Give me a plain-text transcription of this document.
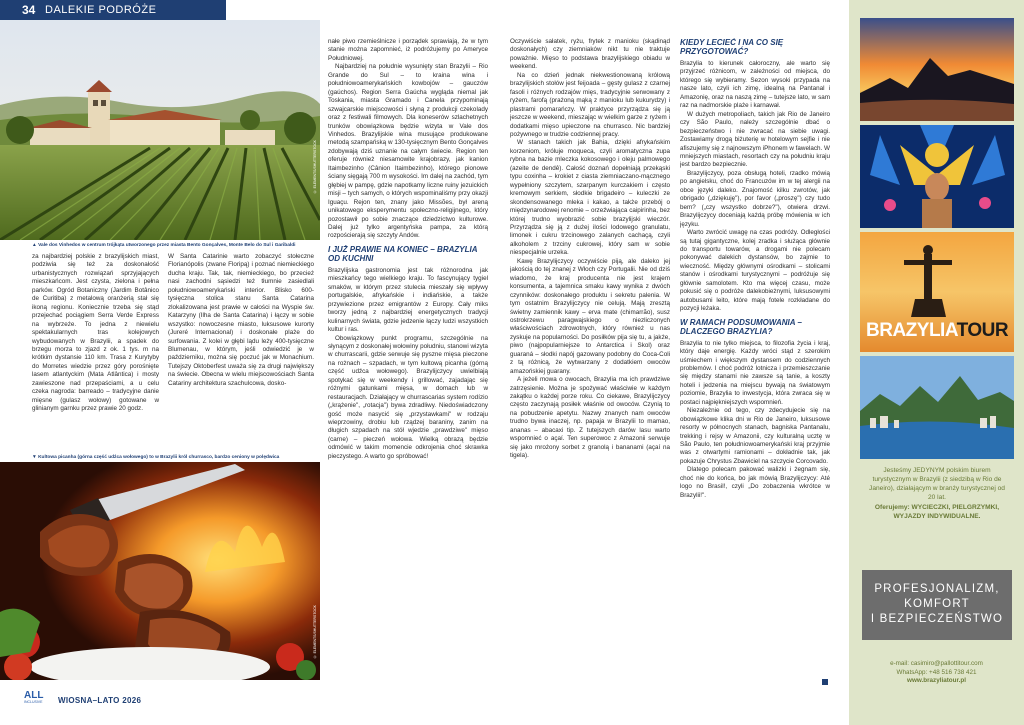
34 DALEKIE PODRÓŻE
© ELEMENTS/SHUTTERSTOCK
▲ Vale dos Vinhedos w centrum trójkąta utworzonego przez miasta Bento Gonçalves, Monte Belo do Sul i Garibaldi

za najbardziej polskie z brazylijskich miast, podziwia się też za doskonałość urbanistycznych rozwiązań sprzyjających mieszkańcom. Jest czysta, zielona i pełna parków. Ogród Botaniczny (Jardim Botânico de Curitiba) z metalową oranżerią stał się ikoną regionu. Koniecznie trzeba się stąd przejechać pociągiem Serra Verde Express na wybrzeże. To jedna z niewielu spektakularnych tras kolejowych wybudowanych w Brazylii, a spadek do brzegu morza to zjazd z ok. 1 tys. m na krótkim dystansie 110 km. Trasa z Kurytyby do Morretes wiedzie przez góry porośnięte lasem atlantyckim (Mata Atlântica) i mosty zawieszone nad przepaściami, a u celu czeka nagroda: barreado – tradycyjne danie mięsne (gulasz wołowy) gotowane w glinianym garnku przez prawie 20 godz.

W Santa Catarinie warto zobaczyć stołeczne Florianópolis (zwane Floripą) i poznać niemieckiego ducha kraju. Tak, tak, niemieckiego, bo przecież nasi zachodni sąsiedzi też tłumnie zasiedlali południowoamerykański interior. Blisko 600-tysięczna stolica stanu Santa Catarina zlokalizowana jest prawie w całości na Wyspie św. Katarzyny (Ilha de Santa Catarina) i łączy w sobie wszystko: nowoczesne miasto, luksusowe kurorty (Jureré Internacional) i doskonałe plaże do surfowania. Z kolei w głębi lądu leży 400-tysięczne Blumenau, w którym, jeśli odwiedzić je w październiku, można się poczuć jak w Monachium. Tutejszy Oktoberfest uważa się za drugi największy na świecie. Obecna w wielu miejscowościach Santa Catariny architektura szachulcowa, dosko-

▼ Kultowa picanha (górna część udźca wołowego) to w Brazylii król churrasco, bardzo ceniony w polędwica
© ELEMENTS/SHUTTERSTOCK

nałe piwo rzemieślnicze i porządek sprawiają, że w tym stanie można zapomnieć, iż podróżujemy po Ameryce Południowej.

Najbardziej na południe wysunięty stan Brazylii – Rio Grande do Sul – to kraina wina i południowoamerykańskich kowbojów – gauczów (gaúchos). Region Serra Gaúcha wygląda niemal jak Toskania, miasta Gramado i Canela przypominają szwajcarskie miejscowości i słyną z produkcji czekolady oraz z festiwali filmowych. Dla koneserów szlachetnych trunków obowiązkowa będzie wizyta w Vale dos Vinhedos. Brazylijskie wina musujące produkowane metodą szampańską w 130-tysięcznym Bento Gonçalves zdobywają dziś uznanie na całym świecie. Region ten oferuje również niesamowite krajobrazy, jak kanion Itaimbezinho (Cânion Itaimbezinho), którego pionowe ściany sięgają 700 m wysokości. Im dalej na zachód, tym głębiej w pampę, gdzie napotkamy liczne ruiny jezuickich misji – tych samych, o których wspominaliśmy przy okazji Iguaçu. Rejon ten, znany jako Missões, był areną unikatowego eksperymentu społeczno-religijnego, który pozostawił po sobie znaczące dziedzictwo kulturowe. Dalej już tylko argentyńska pampa, za którą rozpościerają się szczyty Andów.

I JUŻ PRAWIE NA KONIEC – BRAZYLIA OD KUCHNI

Brazylijska gastronomia jest tak różnorodna jak mieszkańcy tego wielkiego kraju. To fascynujący tygiel smaków, w którym przez stulecia mieszały się wpływy portugalskie, afrykańskie i indiańskie, a także przywiezione przez emigrantów z Europy. Cały miks tworzy jedną z najbardziej energetycznych tradycji kulinarnych świata, gdzie jedzenie łączy ludzi wszystkich kultur i ras.

Obowiązkowy punkt programu, szczególnie na słynącym z doskonałej wołowiny południu, stanowi wizyta w churrascarii, gdzie serwuje się pyszne mięsa pieczone na rożnach – szpadach, w tym kultową picanha (górną część udźca wołowego). Brazylijczycy uwielbiają spotykać się w weekendy i grillować, zajadając się różnymi gatunkami mięsa, w domach lub w restauracjach. Działający w churrascarias system rodízio („krążenie", „rotacja") bywa zdradliwy. Niedoświadczony gość może nasycić się „przystawkami" w rodzaju wieprzowiny, drobiu lub rządzej baraniny, zanim na długich szpadach na stół wjedzie „prawdziwe" mięso (carne) – pieczeń wołowa. Wielką obrazą będzie odmówić w takim momencie odkrojenia choć skrawka pieczystego. A warto go spróbować!

Oczywiście sałatek, ryżu, frytek z manioku (skądinąd doskonałych) czy ziemniaków nikt tu nie traktuje poważnie. Mięso to podstawa brazylijskiego obiadu w weekend.

Na co dzień jednak niekwestionowaną królową brazylijskich stołów jest feijoada – gęsty gulasz z czarnej fasoli i różnych rodzajów mięs, tradycyjnie serwowany z ryżem, farofą (prażoną mąką z manioku lub kukurydzy) i plastrami pomarańczy. W praktyce przyrządza się ją jeszcze w weekend, mieszając w wielkim garze z ryżem i dodatkami mięso upieczone na churrasco. Nic bardziej pożywnego w trudzie codziennej pracy.

W stanach takich jak Bahia, dzięki afrykańskim korzeniom, króluje moqueca, czyli aromatyczna zupa rybna na bazie mleczka kokosowego i oleju palmowego (azeite de dendê). Całość doznań dopełniają przekąski typu coxinha – krokiet z ciasta ziemniaczano-mącznego wypełniony szczytem, szarpanym kurczakiem i często kremowym serkiem, słodkie brigadeiro – kuleczki ze skondensowanego mleka i kakao, a także przebój o międzynarodowej renomie – orzeźwiająca caipirinha, bez której trudno wyobrazić sobie brazylijski wieczór. Przyrządza się ją z dużej ilości lodowego granulatu, limonek i cukru trzcinowego zalanych cachaçą, czyli alkoholem z trzciny cukrowej, który sam w sobie niespecjalnie urzeka.

Kawę Brazylijczycy oczywiście piją, ale daleko jej jakością do tej znanej z Włoch czy Portugalii. Nie od dziś wiadomo, że kraj producenta nie jest krajem konsumenta, a tajemnica smaku kawy wynika z dwóch czynników: doskonałego produktu i sekretu palenia. W tym ostatnim Brazylijczycy nie celują. Mają zresztą świetny zamiennik kawy – erva mate (chimarrão), susz ostrokrzewu paragwajskiego o niezliczonych właściwościach zdrowotnych, który również u nas zyskuje na popularności. Do posiłków pija się tu, a jakże, piwo (najpopularniejsze to Antarctica i Skol) oraz guaraná – słodki napój gazowany podobny do Coca-Coli z tą różnicą, że wytwarzany z dodatkiem owoców amazońskiej guarany.

A jeżeli mowa o owocach, Brazylia ma ich prawdziwe zatrzęsienie. Można je spożywać właściwie w każdym zakątku o każdej porze roku. Co ciekawe, Brazylijczycy często zaczynają posiłek właśnie od owoców. Czynią to na pobudzenie apetytu. Nazwy znanych nam owoców trudno bywa inaczej, np. papaja w Brazylii to mamao, ananas – abacaxi tip. Z tutejszych darów lasu warto wspomnieć o açaí. Ten superowoc z Amazonii serwuje się jako mrożony sorbet z granolą i bananami (açaí na tigela).

KIEDY LECIEĆ I NA CO SIĘ PRZYGOTOWAĆ?

Brazylia to kierunek całoroczny, ale warto się przyjrzeć różnicom, w zależności od miejsca, do którego się wybieramy. Sezon wysoki przypada na nasze lato, czyli ich zimę, idealną na Pantanal i Amazonię, oraz na naszą zimę – tutejsze lato, w sam raz na nadmorskie plaże i karnawał.

W dużych metropoliach, takich jak Rio de Janeiro czy São Paulo, należy szczególnie dbać o bezpieczeństwo i nie zwracać na siebie uwagi. Zostawiamy drogą biżuterię w hotelowym sejfie i nie afiszujemy się z najnowszym iPhonem w fawelach. W mniejszych miastach, resortach czy na południu kraju jest bardzo bezpiecznie.

Brazylijczycy, poza obsługą hoteli, rzadko mówią po angielsku, choć do Francuzów im w tej alergii na obce języki daleko. Znajomość kilku zwrotów, jak obrigado („dziękuję"), por favor („proszę") czy tudo bem? („czy wszystko dobrze?"), otwiera drzwi. Brazylijczycy doceniają każdą próbę mówienia w ich języku.

Warto zwrócić uwagę na czas podróży. Odległości są tutaj gigantyczne, kolej zradka i służąca głównie do transportu towarów, a drogami nie polecam pokonywać dalekich dystansów, bo zajmie to wieczność. Między głównymi ośrodkami – stolicami stanów i ośrodkami turystycznymi – podróżuje się głównie samolotem. Kto ma więcej czasu, może pokusić się o podróże dalekobieżnymi, luksusowymi autobusami leito, które mają fotele rozkładane do pozycji leżaka.

W RAMACH PODSUMOWANIA – DLACZEGO BRAZYLIA?

Brazylia to nie tylko miejsca, to filozofia życia i kraj, który daje energię. Każdy wróci stąd z szerokim uśmiechem i większym dystansem do codziennych problemów. I choć podróż lotnicza i przemieszczanie się między stanami nie zawsze są tanie, a koszty hoteli i jedzenia na miejscu bywają na światowym poziomie, Brazylia to inwestycja, która zwraca się w postaci najpiękniejszych wspomnień.

Niezależnie od tego, czy zdecydujecie się na obowiązkowe klika dni w Rio de Janeiro, luksusowe resorty w północnych stanach, bagniska Pantanalu, trekking i rejsy w Amazonii, czy kulturalną ucztę w São Paulo, ten południowoamerykański kraj przyjmie was z otwartymi ramionami – dokładnie tak, jak pokazuje Chrystus Zbawiciel na szczycie Corcovado.

Dlatego polecam pakować walizki i żegnam się, choć nie do końca, bo jak mówią Brazylijczycy: Até logo no Brasil!, czyli „Do zobaczenia wkrótce w Brazylii!".

ALL
INCLUSIVE WIOSNA–LATO 2026
BRAZYLIATOUR
Jesteśmy JEDYNYM polskim biurem turystycznym w Brazylii (z siedzibą w Rio de Janeiro), działającym w branży turystycznej od 20 lat.
Oferujemy: WYCIECZKI, PIELGRZYMKI, WYJAZDY INDYWIDUALNE.
PROFESJONALIZM,
KOMFORT
I BEZPIECZEŃSTWO
e-mail: casimiro@pallottitour.com
WhatsApp: +48 516 738 421
www.brazyliatour.pl
